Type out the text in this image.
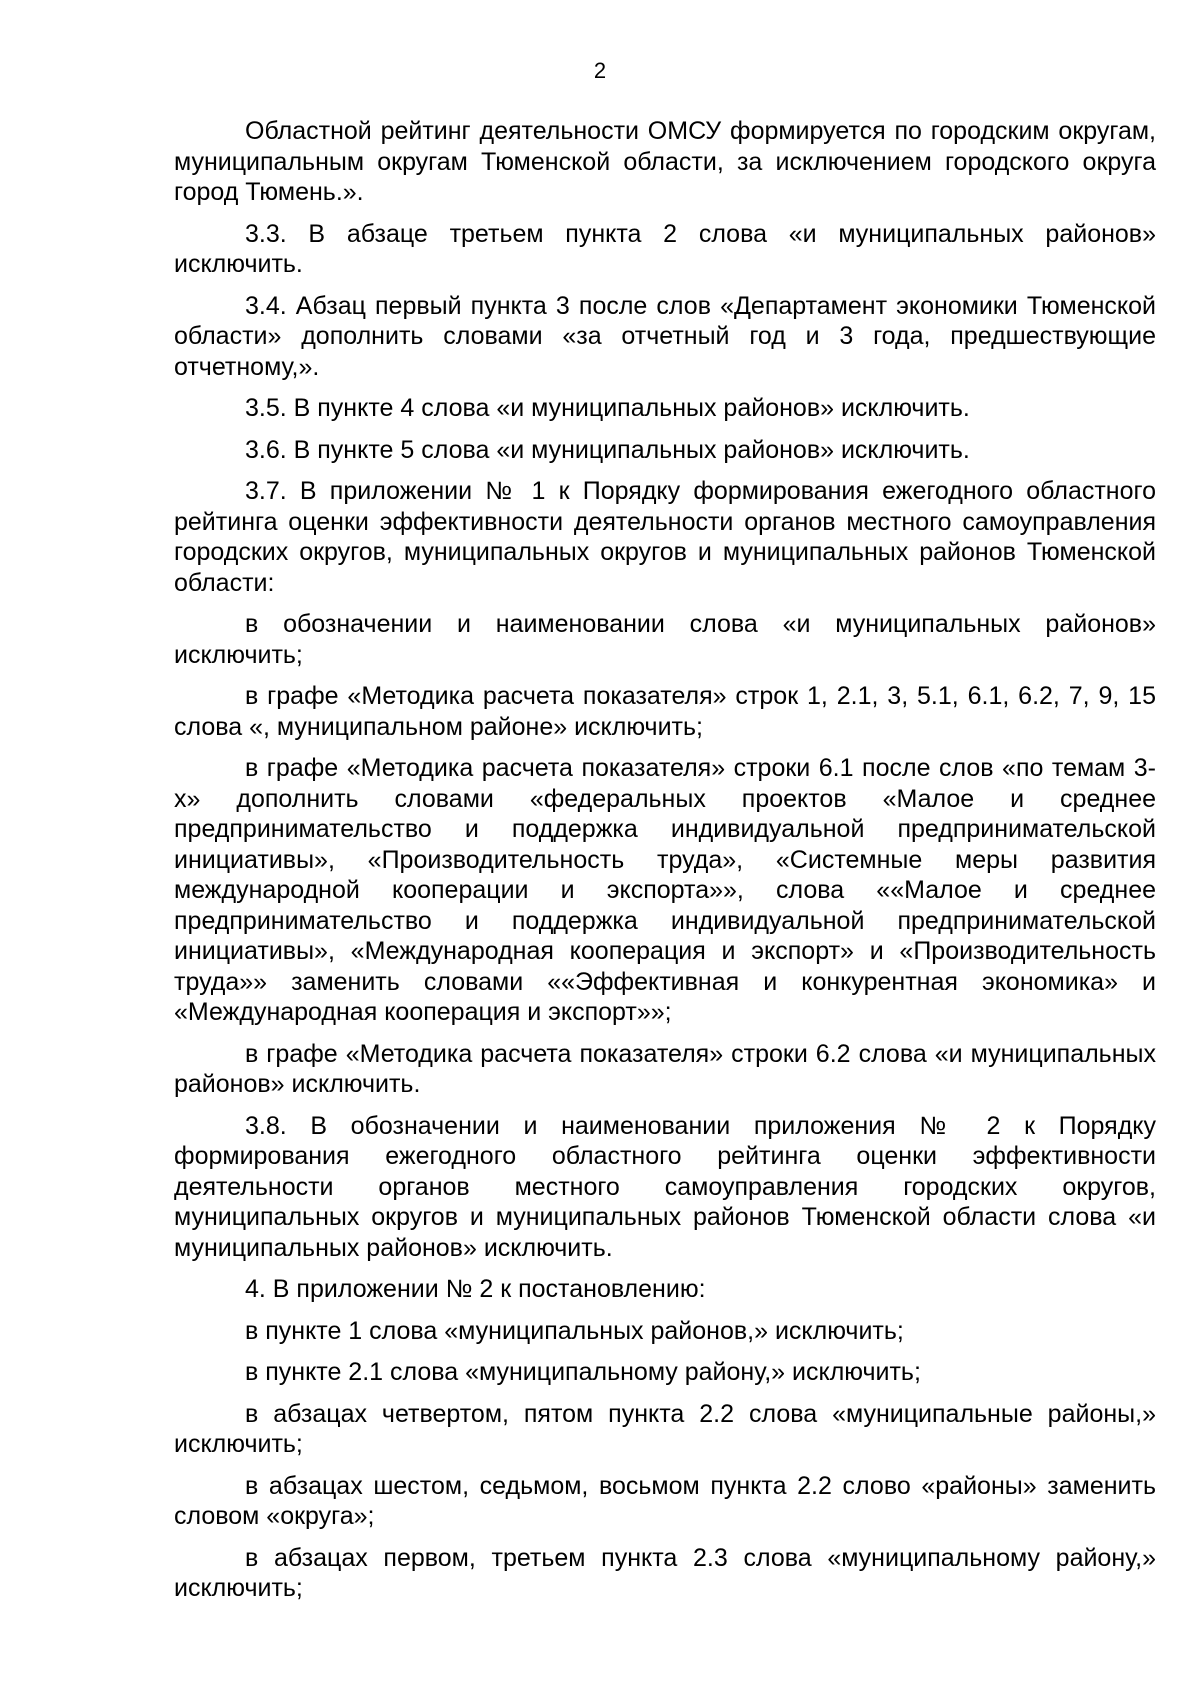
2

Областной рейтинг деятельности ОМСУ формируется по городским округам, муниципальным округам Тюменской области, за исключением городского округа город Тюмень.».

3.3. В абзаце третьем пункта 2 слова «и муниципальных районов» исключить.

3.4. Абзац первый пункта 3 после слов «Департамент экономики Тюменской области» дополнить словами «за отчетный год и 3 года, предшествующие отчетному,».

3.5. В пункте 4 слова «и муниципальных районов» исключить.

3.6. В пункте 5 слова «и муниципальных районов» исключить.

3.7. В приложении № 1 к Порядку формирования ежегодного областного рейтинга оценки эффективности деятельности органов местного самоуправления городских округов, муниципальных округов и муниципальных районов Тюменской области:

в обозначении и наименовании слова «и муниципальных районов» исключить;

в графе «Методика расчета показателя» строк 1, 2.1, 3, 5.1, 6.1, 6.2, 7, 9, 15 слова «, муниципальном районе» исключить;

в графе «Методика расчета показателя» строки 6.1 после слов «по темам 3-х» дополнить словами «федеральных проектов «Малое и среднее предпринимательство и поддержка индивидуальной предпринимательской инициативы», «Производительность труда», «Системные меры развития международной кооперации и экспорта»», слова ««Малое и среднее предпринимательство и поддержка индивидуальной предпринимательской инициативы», «Международная кооперация и экспорт» и «Производительность труда»» заменить словами ««Эффективная и конкурентная экономика» и «Международная кооперация и экспорт»»;

в графе «Методика расчета показателя» строки 6.2 слова «и муниципальных районов» исключить.

3.8. В обозначении и наименовании приложения № 2 к Порядку формирования ежегодного областного рейтинга оценки эффективности деятельности органов местного самоуправления городских округов, муниципальных округов и муниципальных районов Тюменской области слова «и муниципальных районов» исключить.

4. В приложении № 2 к постановлению:

в пункте 1 слова «муниципальных районов,» исключить;

в пункте 2.1 слова «муниципальному району,» исключить;

в абзацах четвертом, пятом пункта 2.2 слова «муниципальные районы,» исключить;

в абзацах шестом, седьмом, восьмом пункта 2.2 слово «районы» заменить словом «округа»;

в абзацах первом, третьем пункта 2.3 слова «муниципальному району,» исключить;
